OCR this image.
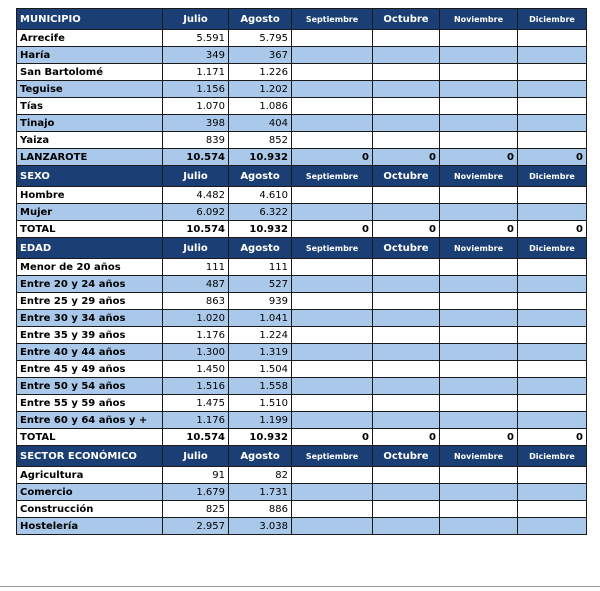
MUNICIPIO	Julio	Agosto	Septiembre	Octubre	Noviembre	Diciembre
Arrecife	5.591	5.795				
Haría	349	367				
San Bartolomé	1.171	1.226				
Teguise	1.156	1.202				
Tías	1.070	1.086				
Tinajo	398	404				
Yaiza	839	852				
LANZAROTE	10.574	10.932	0	0	0	0
SEXO	Julio	Agosto	Septiembre	Octubre	Noviembre	Diciembre
Hombre	4.482	4.610				
Mujer	6.092	6.322				
TOTAL	10.574	10.932	0	0	0	0
EDAD	Julio	Agosto	Septiembre	Octubre	Noviembre	Diciembre
Menor de 20 años	111	111				
Entre 20 y 24 años	487	527				
Entre 25 y 29 años	863	939				
Entre 30 y 34 años	1.020	1.041				
Entre 35 y 39 años	1.176	1.224				
Entre 40 y 44 años	1.300	1.319				
Entre 45 y 49 años	1.450	1.504				
Entre 50 y 54 años	1.516	1.558				
Entre 55 y 59 años	1.475	1.510				
Entre 60 y 64 años y +	1.176	1.199				
TOTAL	10.574	10.932	0	0	0	0
SECTOR ECONÓMICO	Julio	Agosto	Septiembre	Octubre	Noviembre	Diciembre
Agricultura	91	82				
Comercio	1.679	1.731				
Construcción	825	886				
Hostelería	2.957	3.038				
